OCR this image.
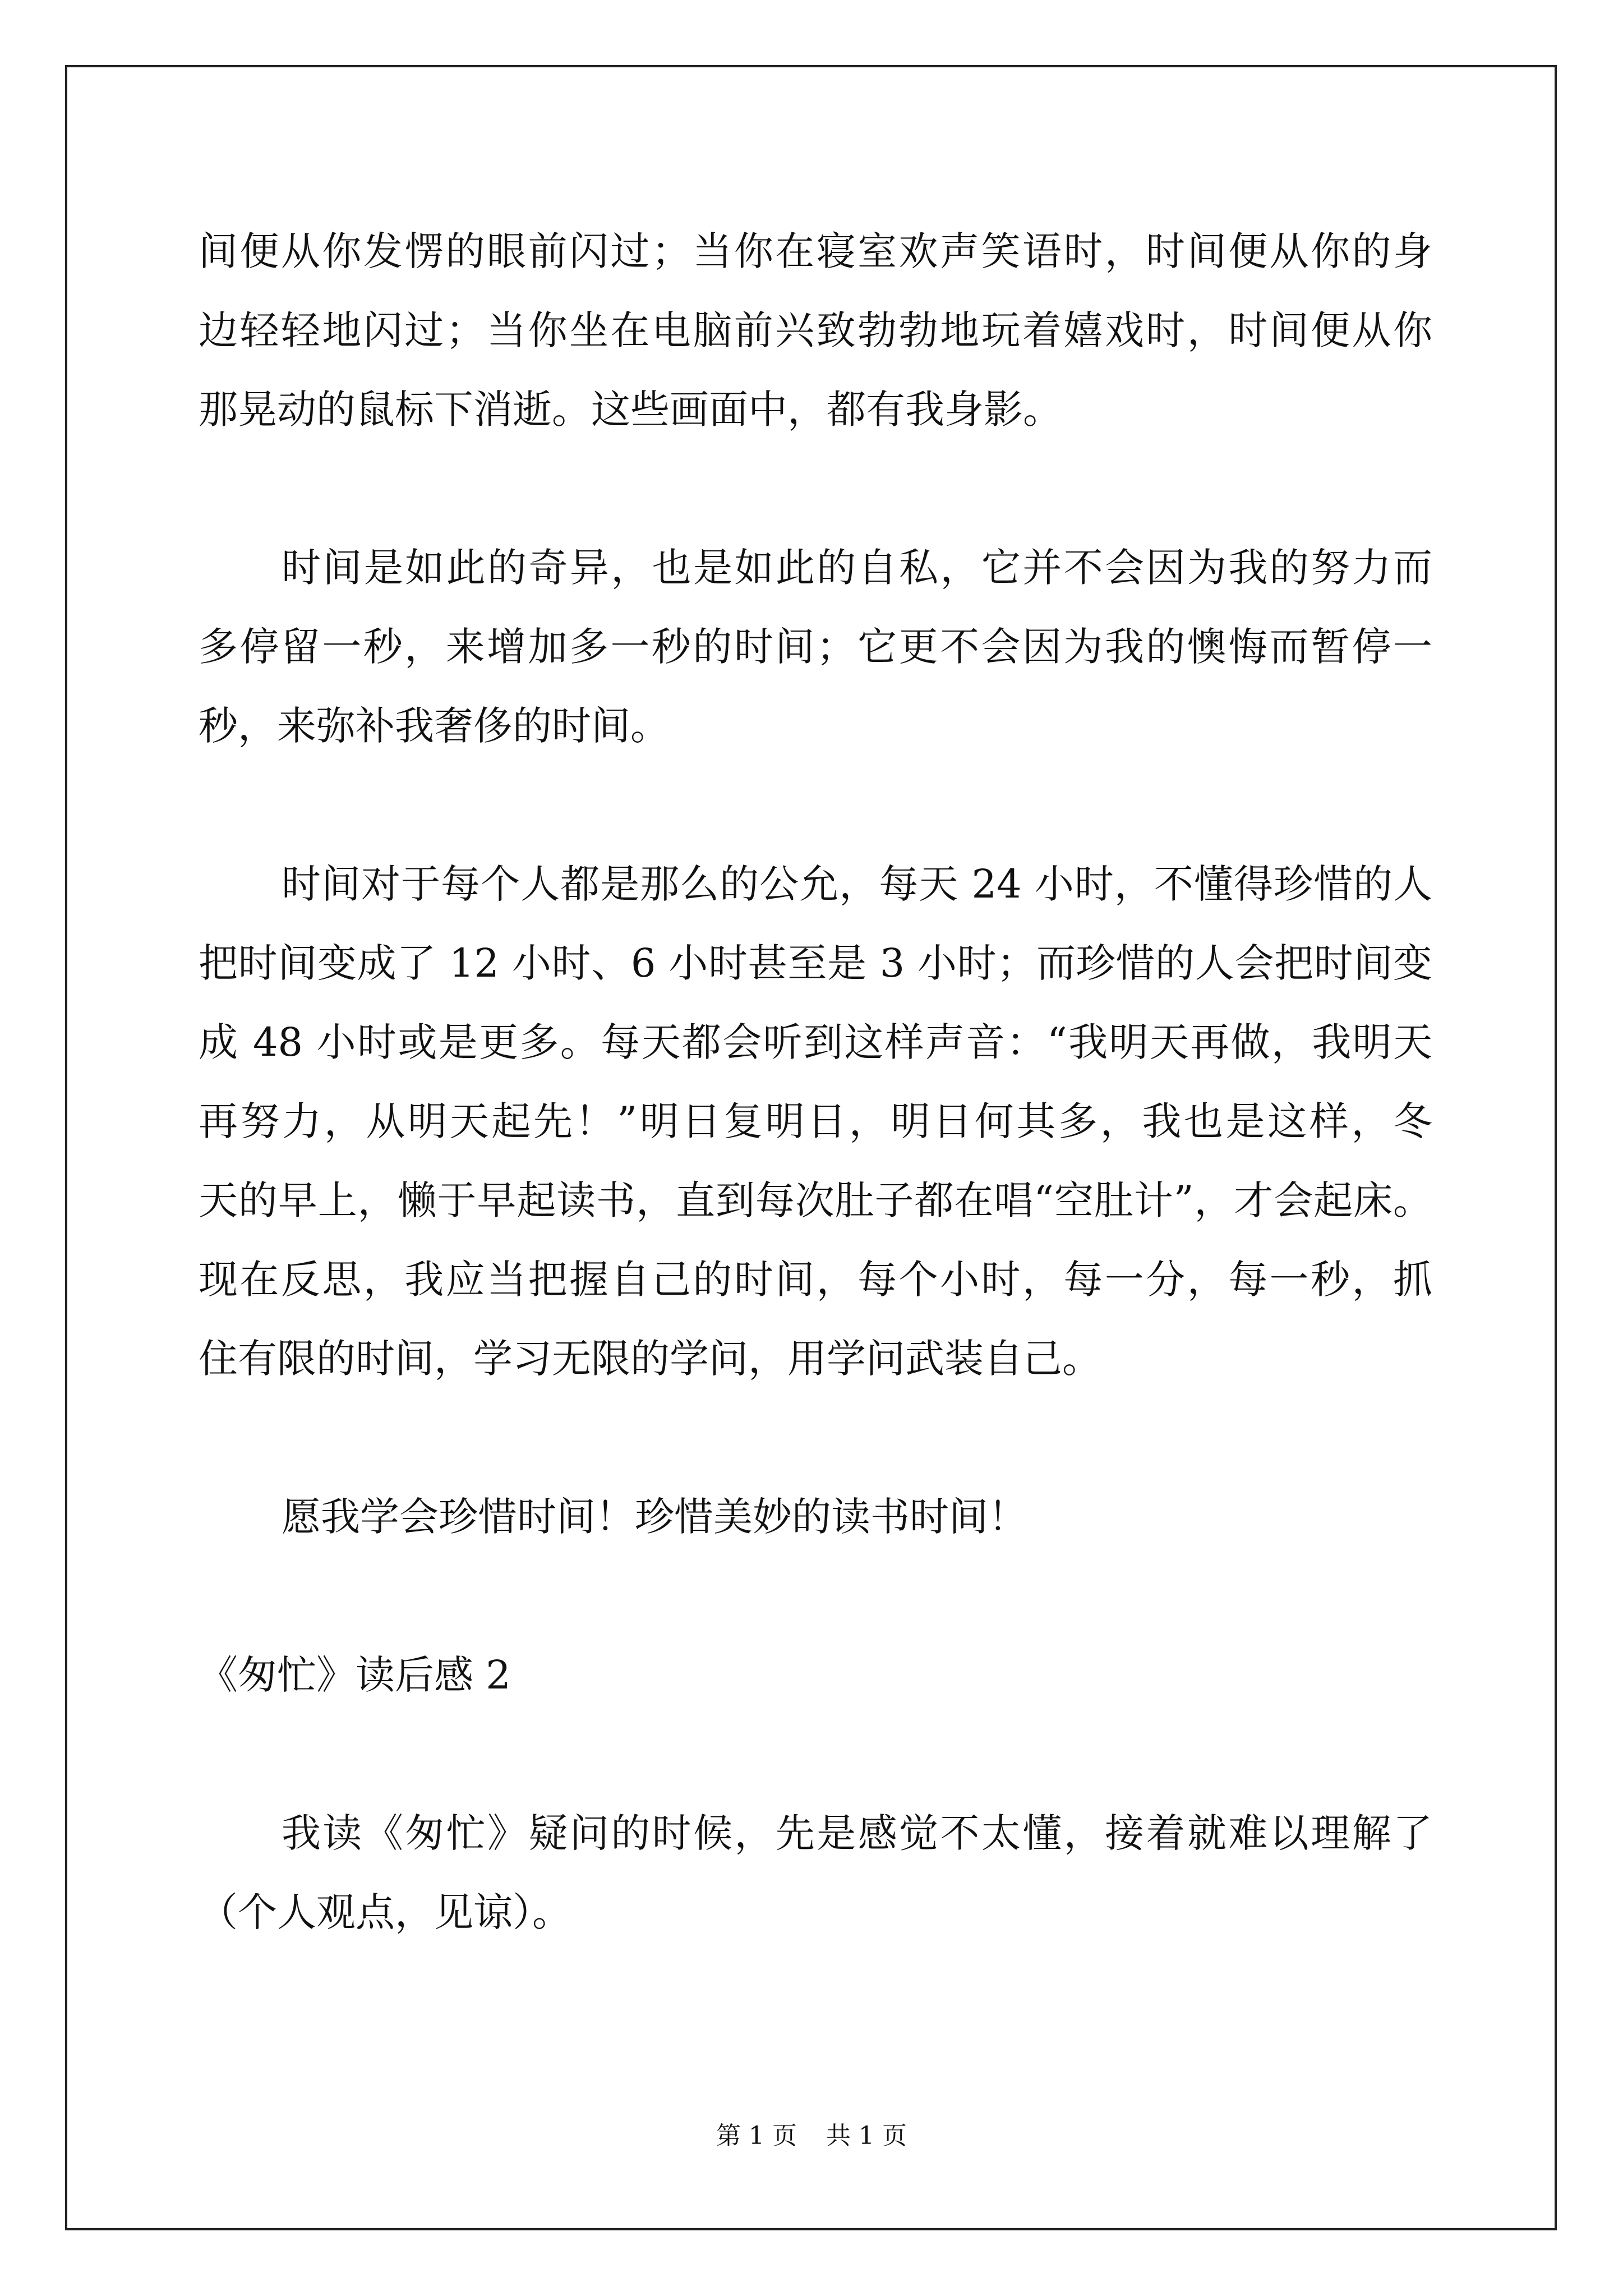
间便从你发愣的眼前闪过；当你在寝室欢声笑语时，时间便从你的身
边轻轻地闪过；当你坐在电脑前兴致勃勃地玩着嬉戏时，时间便从你
那晃动的鼠标下消逝。这些画面中，都有我身影。
时间是如此的奇异，也是如此的自私，它并不会因为我的努力而
多停留一秒，来增加多一秒的时间；它更不会因为我的懊悔而暂停一
秒，来弥补我奢侈的时间。
时间对于每个人都是那么的公允，每天 24 小时，不懂得珍惜的人
把时间变成了 12 小时、6 小时甚至是 3 小时；而珍惜的人会把时间变
成 48 小时或是更多。每天都会听到这样声音：“我明天再做，我明天
再努力，从明天起先！”明日复明日，明日何其多，我也是这样，冬
天的早上，懒于早起读书，直到每次肚子都在唱“空肚计”，才会起床。
现在反思，我应当把握自己的时间，每个小时，每一分，每一秒，抓
住有限的时间，学习无限的学问，用学问武装自己。
愿我学会珍惜时间！珍惜美妙的读书时间！
《匆忙》读后感 2
我读《匆忙》疑问的时候，先是感觉不太懂，接着就难以理解了
（个人观点，见谅）。
第 1 页 共 1 页
